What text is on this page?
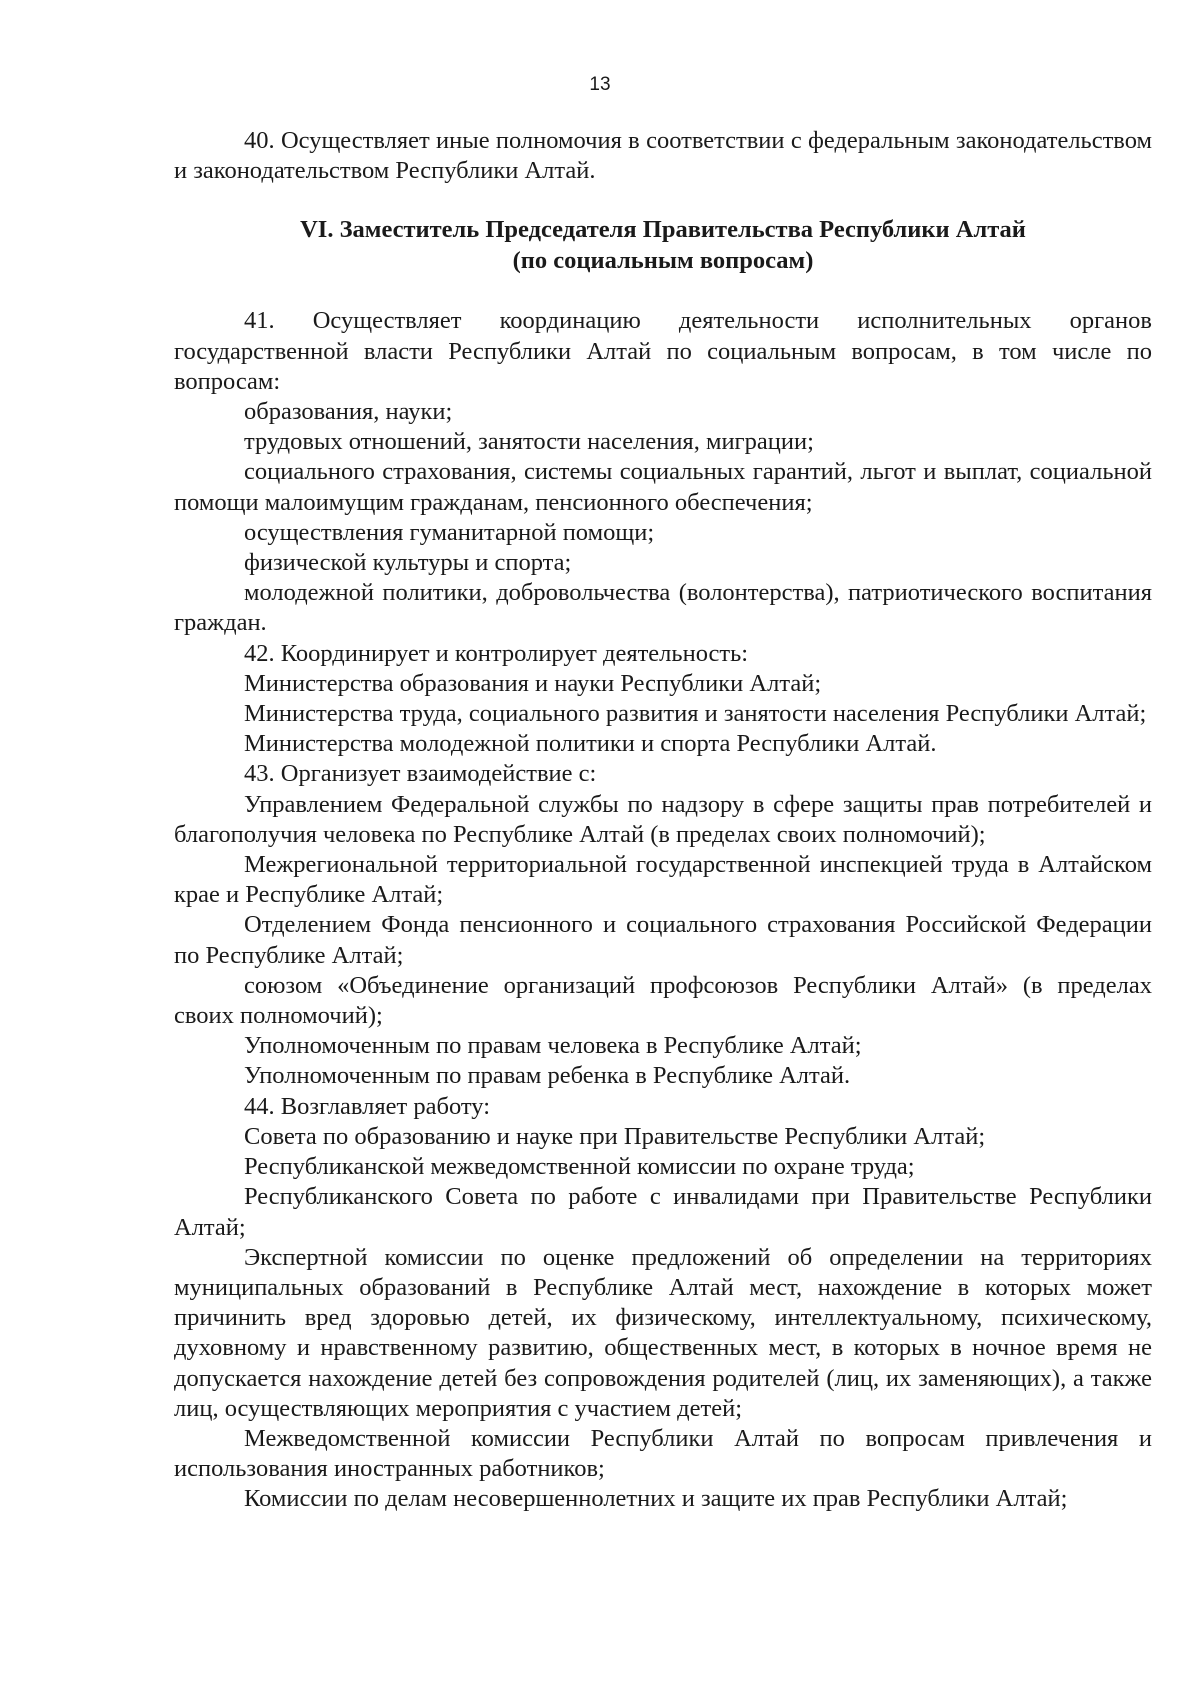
13

40. Осуществляет иные полномочия в соответствии с федеральным законодательством и законодательством Республики Алтай.

VI. Заместитель Председателя Правительства Республики Алтай

(по социальным вопросам)

41. Осуществляет координацию деятельности исполнительных органов государственной власти Республики Алтай по социальным вопросам, в том числе по вопросам:

образования, науки;

трудовых отношений, занятости населения, миграции;

социального страхования, системы социальных гарантий, льгот и выплат, социальной помощи малоимущим гражданам, пенсионного обеспечения;

осуществления гуманитарной помощи;

физической культуры и спорта;

молодежной политики, добровольчества (волонтерства), патриотического воспитания граждан.

42. Координирует и контролирует деятельность:

Министерства образования и науки Республики Алтай;

Министерства труда, социального развития и занятости населения Республики Алтай;

Министерства молодежной политики и спорта Республики Алтай.

43. Организует взаимодействие с:

Управлением Федеральной службы по надзору в сфере защиты прав потребителей и благополучия человека по Республике Алтай (в пределах своих полномочий);

Межрегиональной территориальной государственной инспекцией труда в Алтайском крае и Республике Алтай;

Отделением Фонда пенсионного и социального страхования Российской Федерации по Республике Алтай;

союзом «Объединение организаций профсоюзов Республики Алтай» (в пределах своих полномочий);

Уполномоченным по правам человека в Республике Алтай;

Уполномоченным по правам ребенка в Республике Алтай.

44. Возглавляет работу:

Совета по образованию и науке при Правительстве Республики Алтай;

Республиканской межведомственной комиссии по охране труда;

Республиканского Совета по работе с инвалидами при Правительстве Республики Алтай;

Экспертной комиссии по оценке предложений об определении на территориях муниципальных образований в Республике Алтай мест, нахождение в которых может причинить вред здоровью детей, их физическому, интеллектуальному, психическому, духовному и нравственному развитию, общественных мест, в которых в ночное время не допускается нахождение детей без сопровождения родителей (лиц, их заменяющих), а также лиц, осуществляющих мероприятия с участием детей;

Межведомственной комиссии Республики Алтай по вопросам привлечения и использования иностранных работников;

Комиссии по делам несовершеннолетних и защите их прав Республики Алтай;
